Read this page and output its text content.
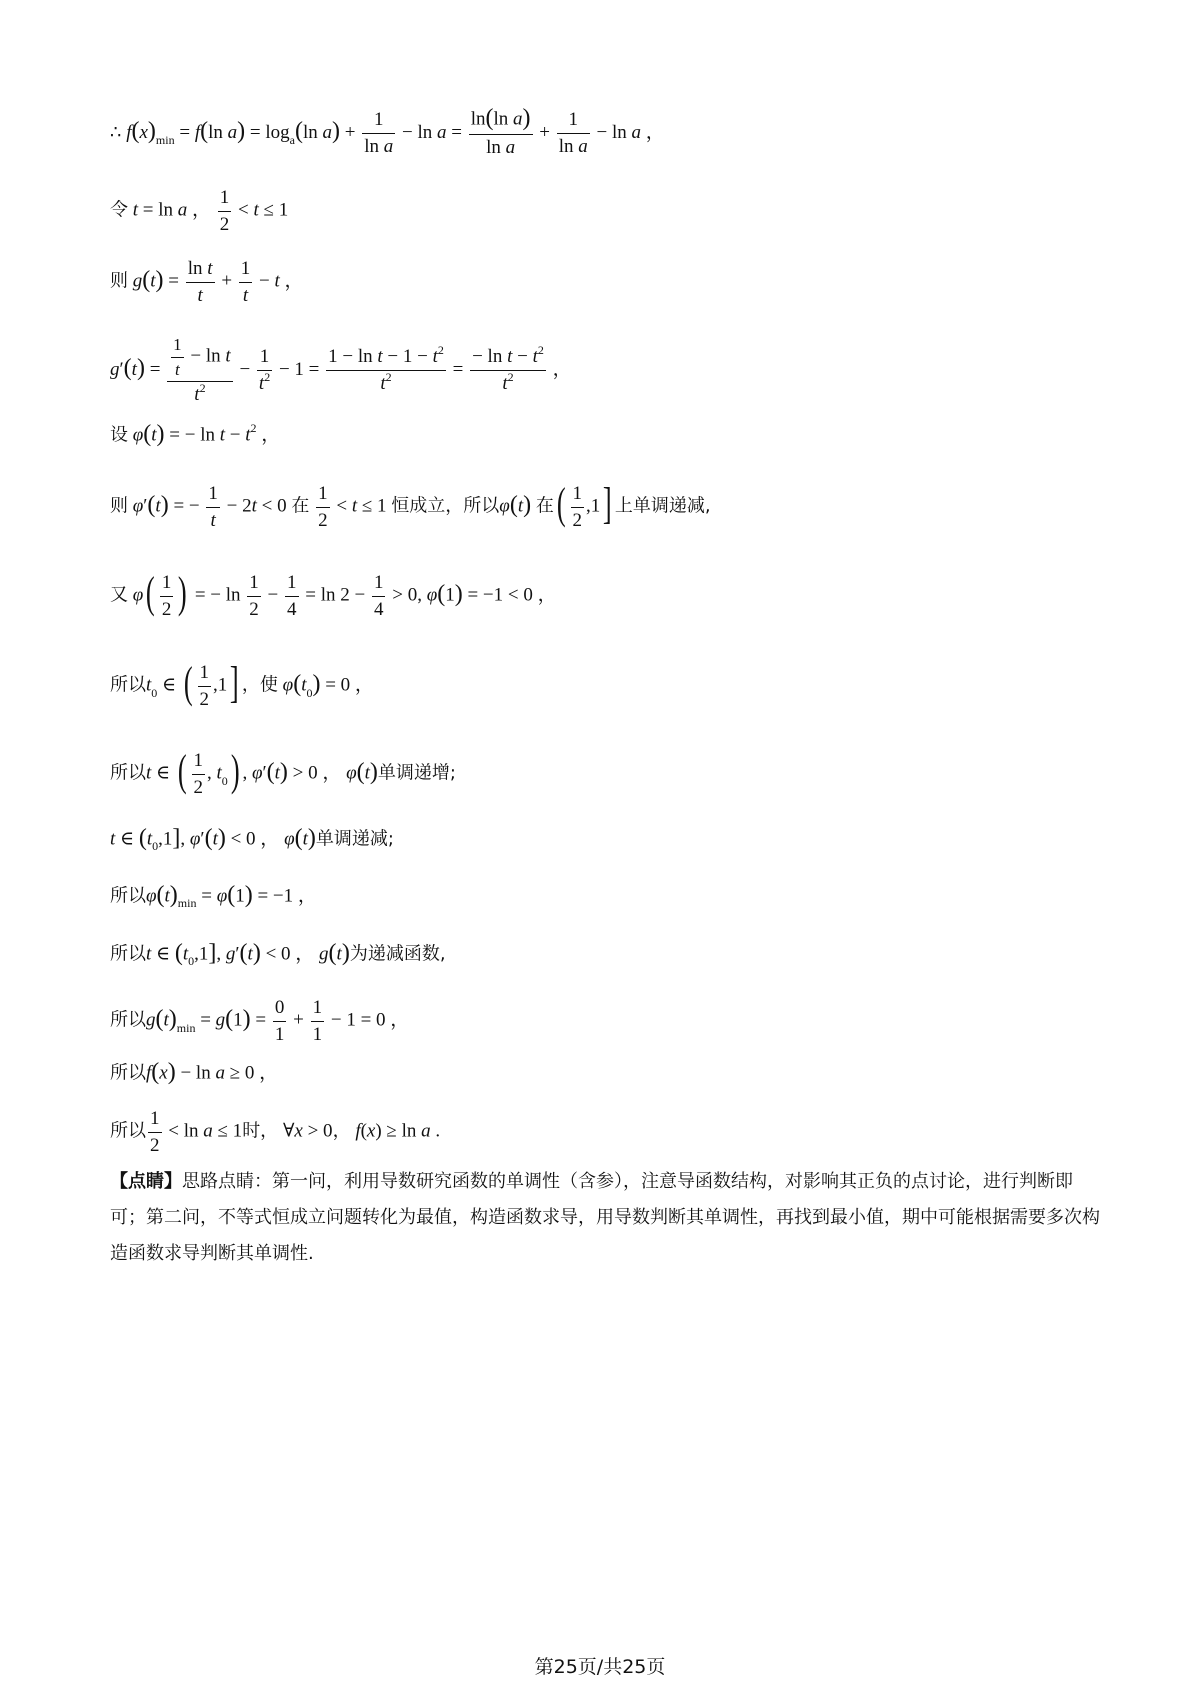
∴ $f(x)_{min} = f(\ln$ $a) = \log_a(\ln$ $a) + \frac{1}{\text{ln a}} - \ln a = \frac{\text{ln(ln a)}}{\text{ln a}} + \frac{1}{\text{ln a}} - \ln a$ ，
令 t = ln a ， $\frac{1}{2} < t \le 1$
则 $g(t) = \frac{\text{ln t}}{t} + \frac{1}{t} - t$ ，
$g'(t) = \frac{\frac{1}{t} - \ln t}{t^2} - \frac{1}{t^2} - 1 = \frac{1 - \ln t - 1 - t^2}{t^2} = \frac{- \ln t - t^2}{t^2}$ ，
设 φ(t) = − $\ln t - t^2$ ，
则 φ′(t) = − $\frac{1}{t} - 2t < 0$ 在 $\frac{1}{2} < t \le 1$ 恒成立，所以φ(t) 在( $\frac{1}{2} ,1$] 上单调递减,
又 $\varphi( \frac{1}{2}$ ) = − $\ln \frac{1}{2} - \frac{1}{4} = \ln 2 - \frac{1}{4} > 0$, φ(1) = −1 < 0 ，
所以$t_0$ ∈ ( $\frac{1}{2} ,1$] ，使 $\varphi(t_0) = 0$ ，
所以t ∈ ( $\frac{1}{2}$ , $t_0$) , φ′(t) > 0 ， φ(t)单调递增;
t ∈ $(t_0,1]$, φ′(t) < 0 ， φ(t)单调递减;
所以$\varphi(t)_{min} = \varphi(1) = -1$ ，
所以t ∈ $(t_0,1]$, g′(t) < 0 ， g(t)为递减函数,
所以$g(t)_{min} = g(1) = \frac{0}{1} + \frac{1}{1} - 1 = 0$ ，
所以f(x) − ln a ≥ 0 ，
所以 $\frac{1}{2} < \ln a \le 1$时， ∀x > 0， f(x) ≥ ln a .
【点睛】思路点睛：第一问，利用导数研究函数的单调性（含参），注意导函数结构，对影响其正负的点讨论，进行判断即可；第二问，不等式恒成立问题转化为最值，构造函数求导，用导数判断其单调性，再找到最小值，期中可能根据需要多次构造函数求导判断其单调性.
第25页/共25页
